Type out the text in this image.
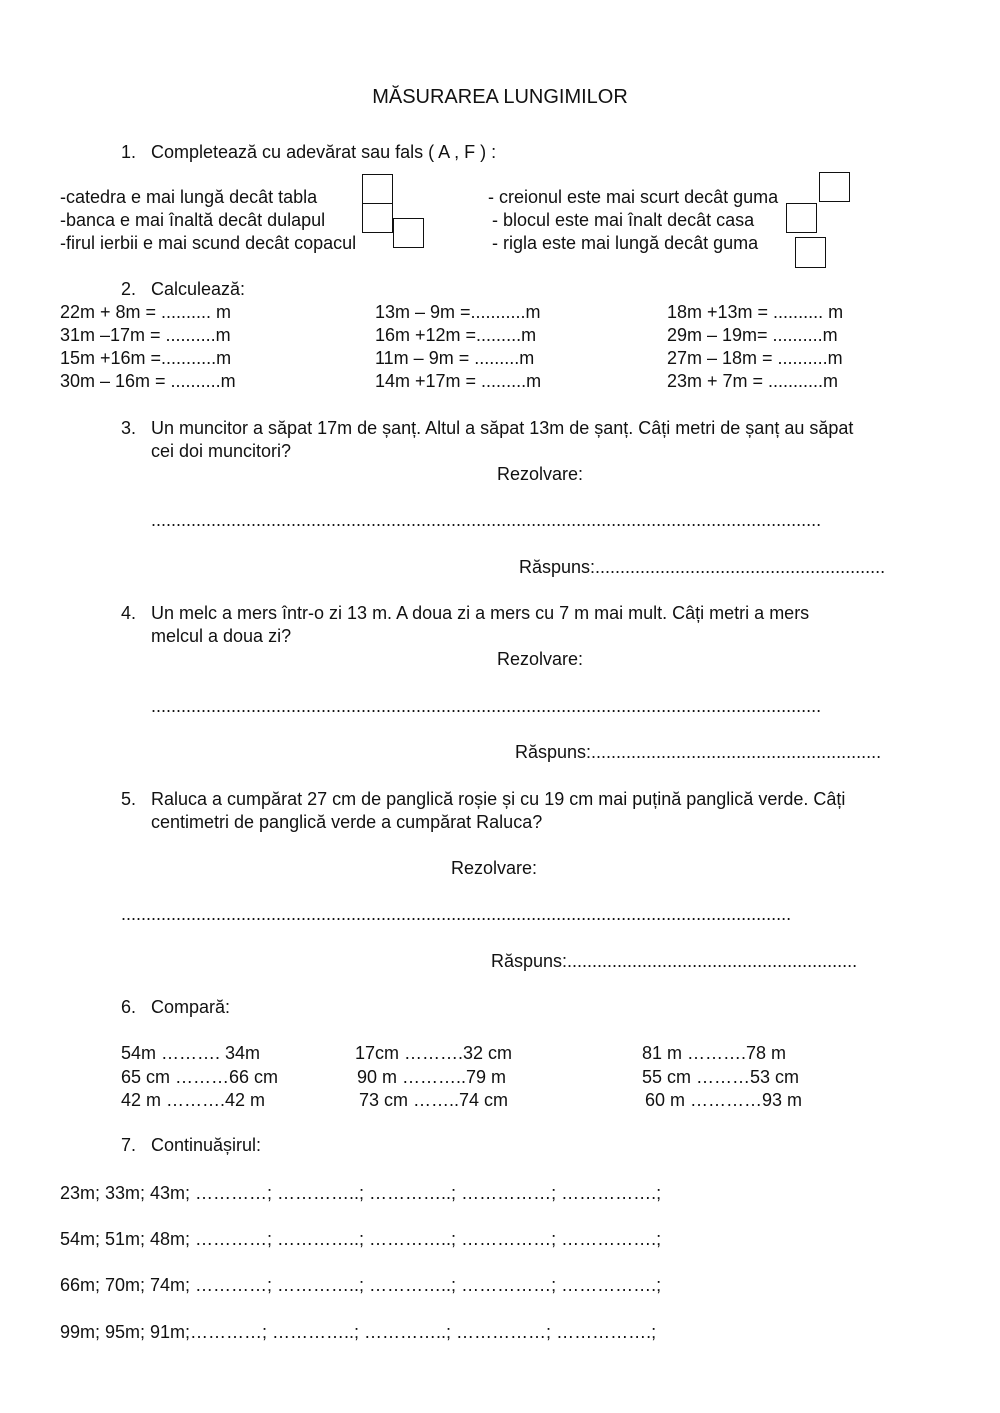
MĂSURAREA LUNGIMILOR
1. Completează cu adevărat sau fals ( A , F ) :
-catedra e mai lungă decât tabla
-banca e mai înaltă decât dulapul
-firul ierbii e mai scund decât copacul
- creionul este mai scurt decât guma
- blocul este mai înalt decât casa
- rigla este mai lungă decât guma
2. Calculează:
22m + 8m = .......... m
31m –17m = ..........m
15m +16m =...........m
30m – 16m = ..........m
13m – 9m =...........m
16m +12m =.........m
11m – 9m = .........m
14m +17m = .........m
18m +13m = .......... m
29m – 19m= ..........m
27m – 18m = ..........m
23m + 7m = ...........m
3. Un muncitor a săpat 17m de șanț. Altul a săpat 13m de șanț. Câți metri de șanț au săpat
cei doi muncitori?
Rezolvare:
......................................................................................................................................
Răspuns:..........................................................
4. Un melc a mers într-o zi 13 m. A doua zi a mers cu 7 m mai mult. Câți metri a mers
melcul a doua zi?
Rezolvare:
......................................................................................................................................
Răspuns:..........................................................
5. Raluca a cumpărat 27 cm de panglică roșie și cu 19 cm mai puțină panglică verde. Câți
centimetri de panglică verde a cumpărat Raluca?
Rezolvare:
......................................................................................................................................
Răspuns:..........................................................
6. Compară:
54m ………. 34m
65 cm ………66 cm
42 m ……….42 m
17cm ……….32 cm
90 m ………..79 m
73 cm ……..74 cm
81 m ……….78 m
55 cm ………53 cm
60 m …………93 m
7. Continuășirul:
23m; 33m; 43m; …………; …………..; …………..; ……………; …………….;
54m; 51m; 48m; …………; …………..; …………..; ……………; …………….;
66m; 70m; 74m; …………; …………..; …………..; ……………; …………….;
99m; 95m; 91m;…………; …………..; …………..; ……………; …………….;
